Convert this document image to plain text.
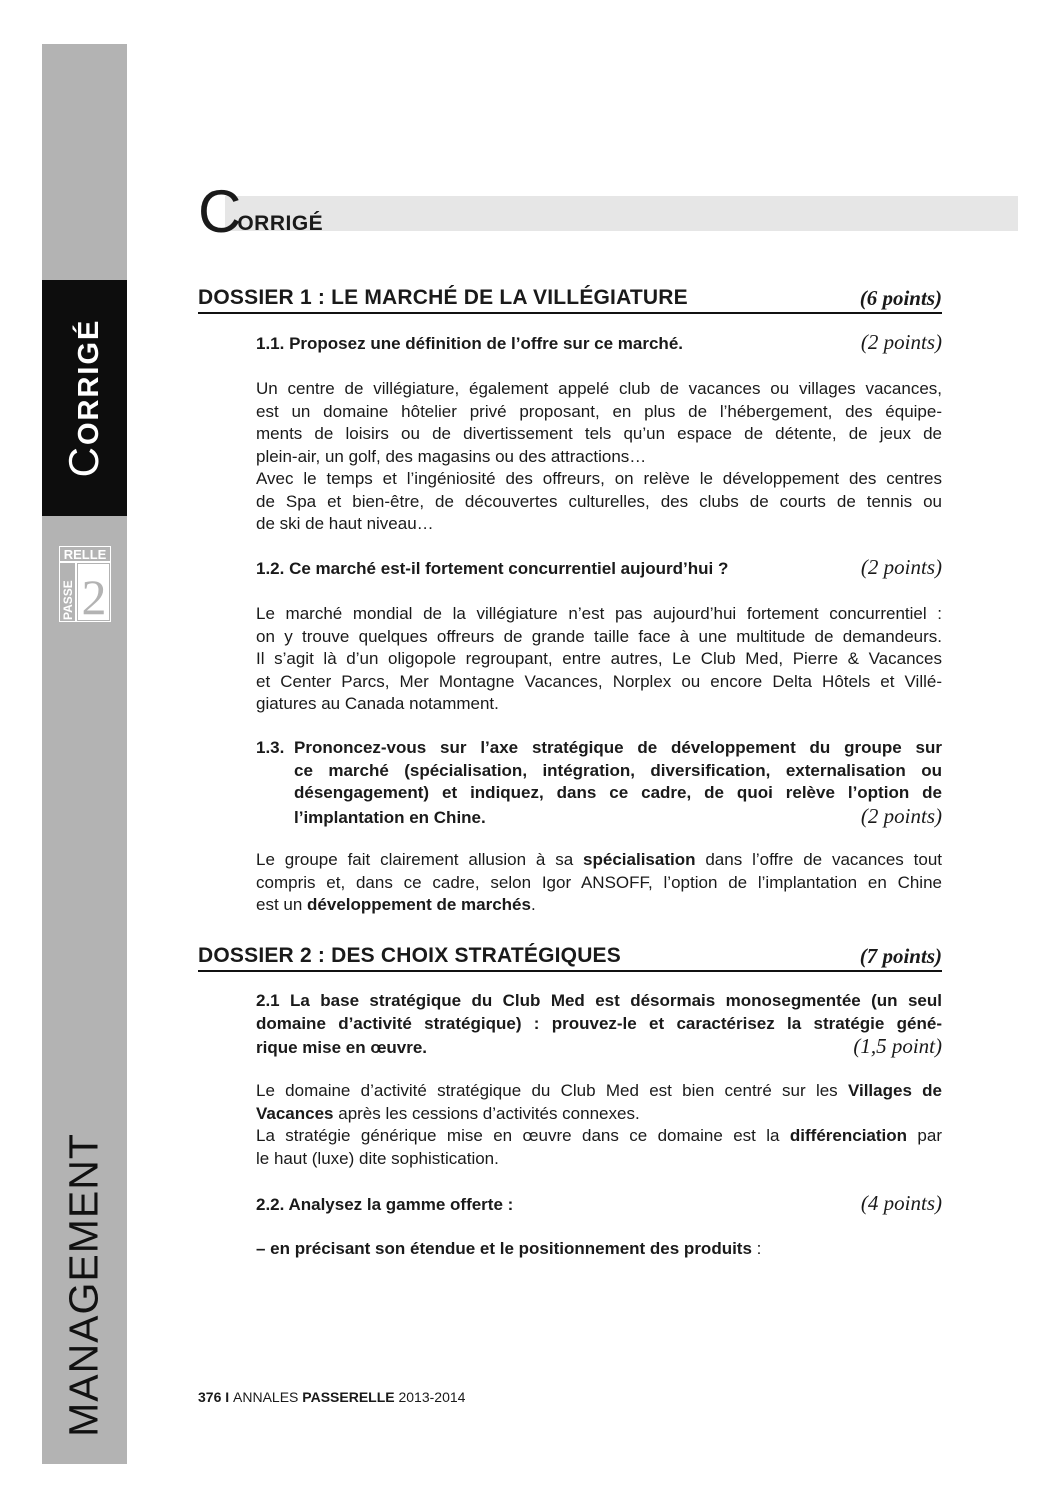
CORRIGÉ
RELLE
PASSE 2
MANAGEMENT
C
ORRIGÉ
DOSSIER 1 : LE MARCHÉ DE LA VILLÉGIATURE	(6 points)
1.1. Proposez une définition de l’offre sur ce marché.	(2 points)
Un centre de villégiature, également appelé club de vacances ou villages vacances,
est un domaine hôtelier privé proposant, en plus de l’hébergement, des équipe-
ments de loisirs ou de divertissement tels qu’un espace de détente, de jeux de
plein-air, un golf, des magasins ou des attractions…
Avec le temps et l’ingéniosité des offreurs, on relève le développement des centres
de Spa et bien-être, de découvertes culturelles, des clubs de courts de tennis ou
de ski de haut niveau…
1.2. Ce marché est-il fortement concurrentiel aujourd’hui ?	(2 points)
Le marché mondial de la villégiature n’est pas aujourd’hui fortement concurrentiel :
on y trouve quelques offreurs de grande taille face à une multitude de demandeurs.
Il s’agit là d’un oligopole regroupant, entre autres, Le Club Med, Pierre & Vacances
et Center Parcs, Mer Montagne Vacances, Norplex ou encore Delta Hôtels et Villé-
giatures au Canada notamment.
1.3. Prononcez-vous sur l’axe stratégique de développement du groupe sur
ce marché (spécialisation, intégration, diversification, externalisation ou
désengagement) et indiquez, dans ce cadre, de quoi relève l’option de
l’implantation en Chine.	(2 points)
Le groupe fait clairement allusion à sa spécialisation dans l’offre de vacances tout
compris et, dans ce cadre, selon Igor ANSOFF, l’option de l’implantation en Chine
est un développement de marchés.
DOSSIER 2 : DES CHOIX STRATÉGIQUES	(7 points)
2.1 La base stratégique du Club Med est désormais monosegmentée (un seul
domaine d’activité stratégique) : prouvez-le et caractérisez la stratégie géné-
rique mise en œuvre.	(1,5 point)
Le domaine d’activité stratégique du Club Med est bien centré sur les Villages de
Vacances après les cessions d’activités connexes.
La stratégie générique mise en œuvre dans ce domaine est la différenciation par
le haut (luxe) dite sophistication.
2.2. Analysez la gamme offerte :	(4 points)
– en précisant son étendue et le positionnement des produits :
376 I ANNALES PASSERELLE 2013-2014
